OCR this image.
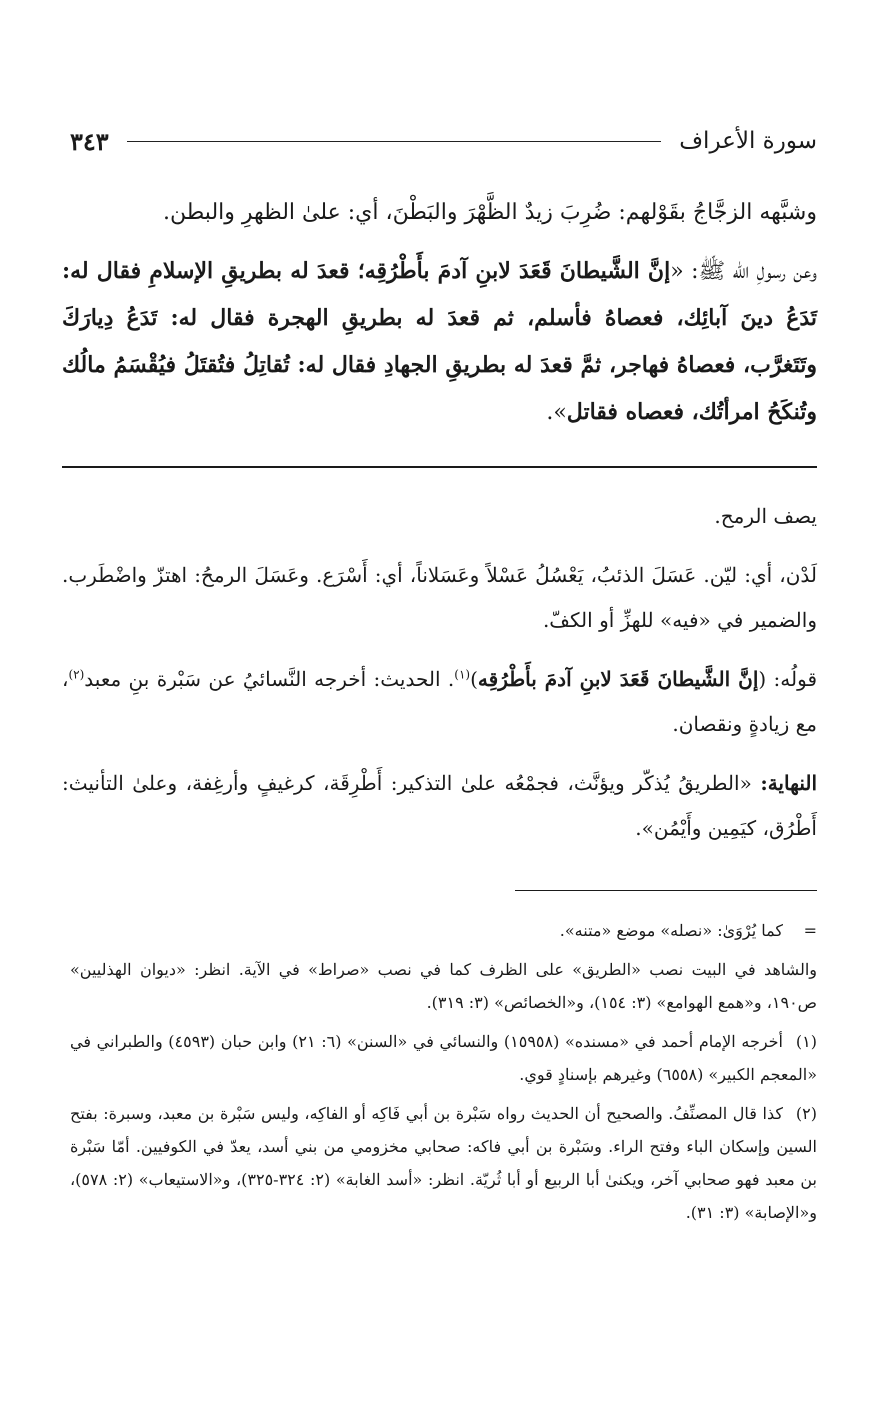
سورة الأعراف
٣٤٣

وشبَّهه الزجَّاجُ بقَوْلهم: ضُرِبَ زيدٌ الظَّهْرَ والبَطْنَ، أي: علىٰ الظهرِ والبطن.

وعن رسولِ الله ﷺ: «إنَّ الشَّيطانَ قَعَدَ لابنِ آدمَ بأَطْرُقِه؛ قعدَ له بطريقِ الإسلامِ فقال له: تَدَعُ دينَ آبائِك، فعصاهُ فأسلم، ثم قعدَ له بطريقِ الهجرة فقال له: تَدَعُ دِيارَكَ وتَتَغرَّب، فعصاهُ فهاجر، ثمَّ قعدَ له بطريقِ الجهادِ فقال له: تُقاتِلُ فتُقتَلُ فيُقْسَمُ مالُك وتُنكَحُ امرأتُك، فعصاه فقاتل».

يصف الرمح.

لَدْن، أي: ليّن. عَسَلَ الذئبُ، يَعْسُلُ عَسْلاً وعَسَلاناً، أي: أَسْرَع. وعَسَلَ الرمحُ: اهتزّ واضْطَرب. والضمير في «فيه» للهزِّ أو الكفّ.

قولُه: (إنَّ الشَّيطانَ قَعَدَ لابنِ آدمَ بأَطْرُقِه)$^{(١)}$. الحديث: أخرجه النَّسائيُ عن سَبْرة بنِ معبد$^{(٢)}$، مع زيادةٍ ونقصان.

النهاية: «الطريقُ يُذكّر ويؤنَّث، فجمْعُه علىٰ التذكير: أَطْرِقَة، كرغيفٍ وأرغِفة، وعلىٰ التأنيث: أَطْرُق، كيَمِين وأَيْمُن».

=كما يُرْوَىٰ: «نصله» موضع «متنه».

والشاهد في البيت نصب «الطريق» على الظرف كما في نصب «صراط» في الآية. انظر: «ديوان الهذليين» ص١٩٠، و«همع الهوامع» (٣: ١٥٤)، و«الخصائص» (٣: ٣١٩).

(١)أخرجه الإمام أحمد في «مسنده» (١٥٩٥٨) والنسائي في «السنن» (٦: ٢١) وابن حبان (٤٥٩٣) والطبراني في «المعجم الكبير» (٦٥٥٨) وغيرهم بإسنادٍ قوي.

(٢)كذا قال المصنِّفُ. والصحيح أن الحديث رواه سَبْرة بن أبي فَاكِه أو الفاكِه، وليس سَبْرة بن معبد، وسبرة: بفتح السين وإسكان الباء وفتح الراء. وسَبْرة بن أبي فاكه: صحابي مخزومي من بني أسد، يعدّ في الكوفيين. أمّا سَبْرة بن معبد فهو صحابي آخر، ويكنىٰ أبا الربيع أو أبا ثُريّة. انظر: «أسد الغابة» (٢: ٣٢٤-٣٢٥)، و«الاستيعاب» (٢: ٥٧٨)، و«الإصابة» (٣: ٣١).
